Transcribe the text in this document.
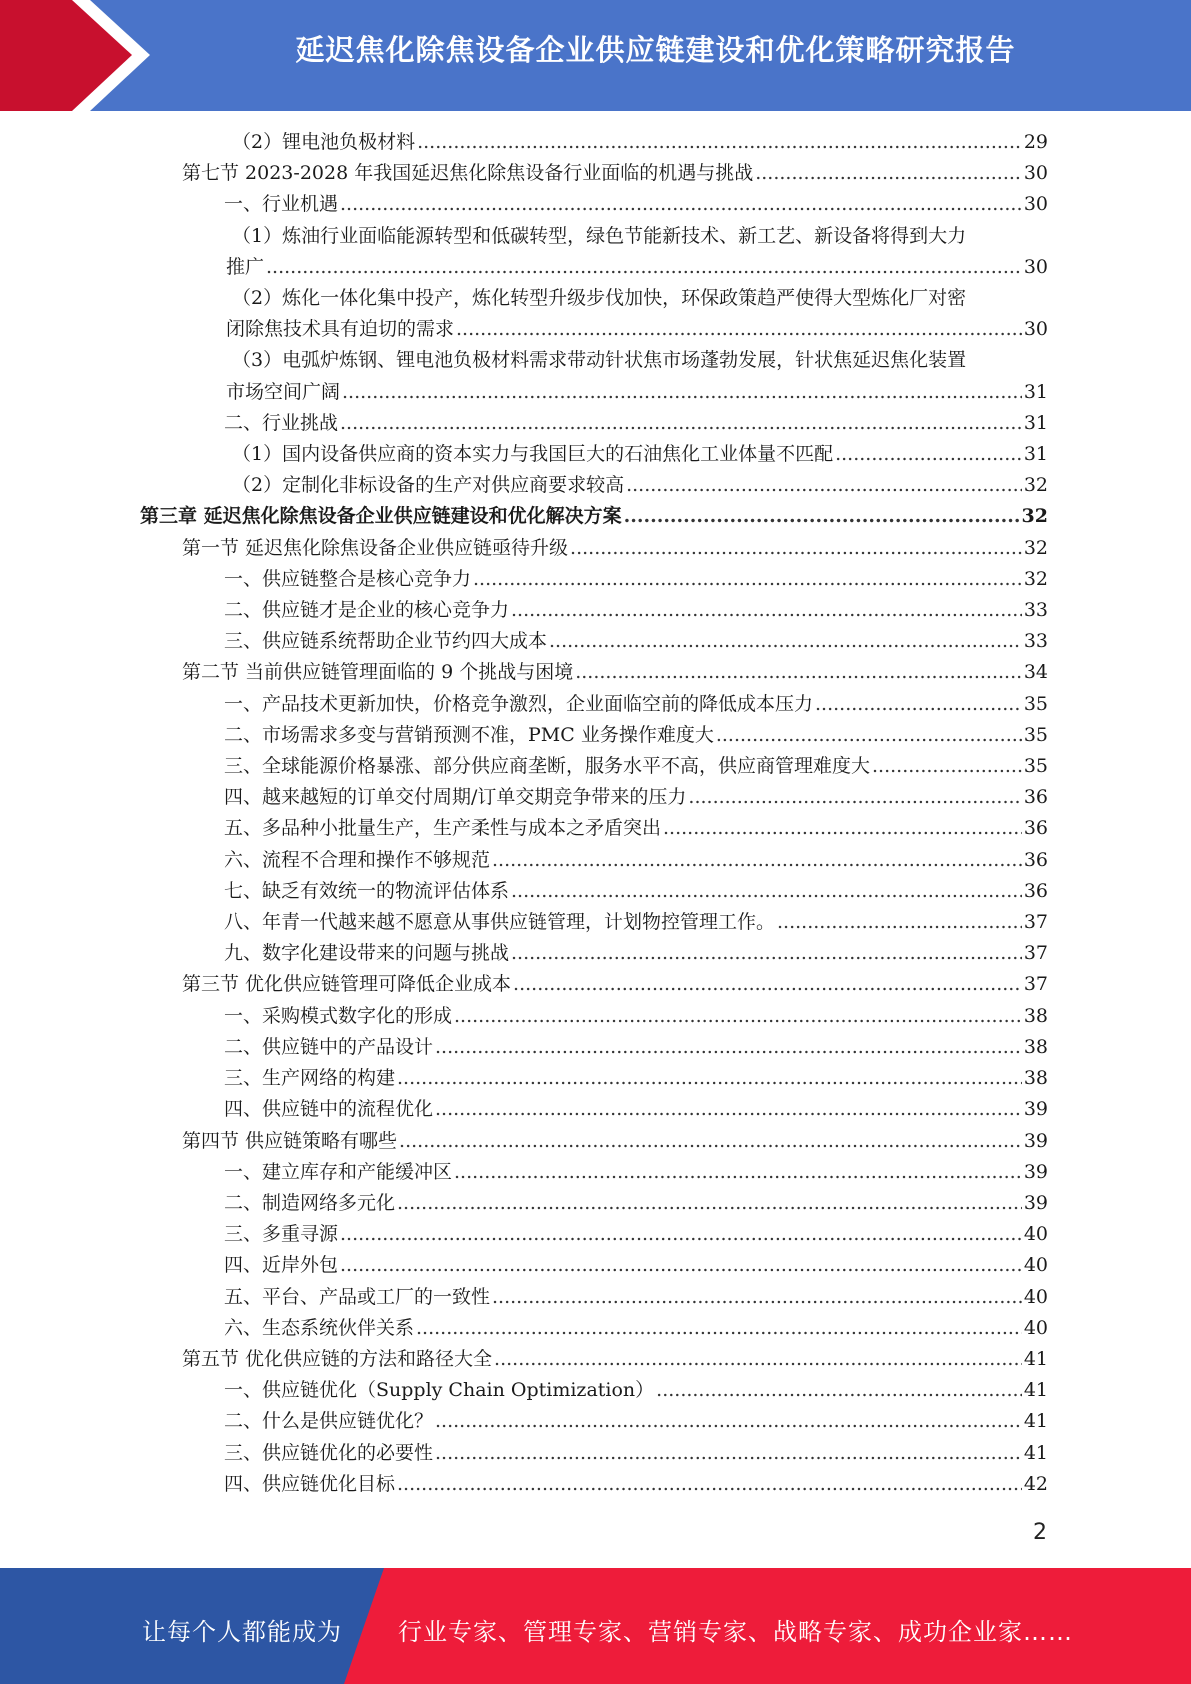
延迟焦化除焦设备企业供应链建设和优化策略研究报告
（2）锂电池负极材料 .....	29
第七节 2023-2028 年我国延迟焦化除焦设备行业面临的机遇与挑战 .....	30
一、行业机遇 .....	30
（1）炼油行业面临能源转型和低碳转型，绿色节能新技术、新工艺、新设备将得到大力
推广 .....	30
（2）炼化一体化集中投产，炼化转型升级步伐加快，环保政策趋严使得大型炼化厂对密
闭除焦技术具有迫切的需求 .....	30
（3）电弧炉炼钢、锂电池负极材料需求带动针状焦市场蓬勃发展，针状焦延迟焦化装置
市场空间广阔 .....	31
二、行业挑战 .....	31
（1）国内设备供应商的资本实力与我国巨大的石油焦化工业体量不匹配 .....	31
（2）定制化非标设备的生产对供应商要求较高 .....	32
第三章 延迟焦化除焦设备企业供应链建设和优化解决方案 .....	32
第一节 延迟焦化除焦设备企业供应链亟待升级 .....	32
一、供应链整合是核心竞争力 .....	32
二、供应链才是企业的核心竞争力 .....	33
三、供应链系统帮助企业节约四大成本 .....	33
第二节 当前供应链管理面临的 9 个挑战与困境 .....	34
一、产品技术更新加快，价格竞争激烈，企业面临空前的降低成本压力 .....	35
二、市场需求多变与营销预测不准，PMC 业务操作难度大 .....	35
三、全球能源价格暴涨、部分供应商垄断，服务水平不高，供应商管理难度大 .....	35
四、越来越短的订单交付周期/订单交期竞争带来的压力 .....	36
五、多品种小批量生产，生产柔性与成本之矛盾突出 .....	36
六、流程不合理和操作不够规范 .....	36
七、缺乏有效统一的物流评估体系 .....	36
八、年青一代越来越不愿意从事供应链管理，计划物控管理工作。 .....	37
九、数字化建设带来的问题与挑战 .....	37
第三节 优化供应链管理可降低企业成本 .....	37
一、采购模式数字化的形成 .....	38
二、供应链中的产品设计 .....	38
三、生产网络的构建 .....	38
四、供应链中的流程优化 .....	39
第四节 供应链策略有哪些 .....	39
一、建立库存和产能缓冲区 .....	39
二、制造网络多元化 .....	39
三、多重寻源 .....	40
四、近岸外包 .....	40
五、平台、产品或工厂的一致性 .....	40
六、生态系统伙伴关系 .....	40
第五节 优化供应链的方法和路径大全 .....	41
一、供应链优化（Supply Chain Optimization） .....	41
二、什么是供应链优化？ .....	41
三、供应链优化的必要性 .....	41
四、供应链优化目标 .....	42
2
让每个人都能成为 行业专家、管理专家、营销专家、战略专家、成功企业家……
